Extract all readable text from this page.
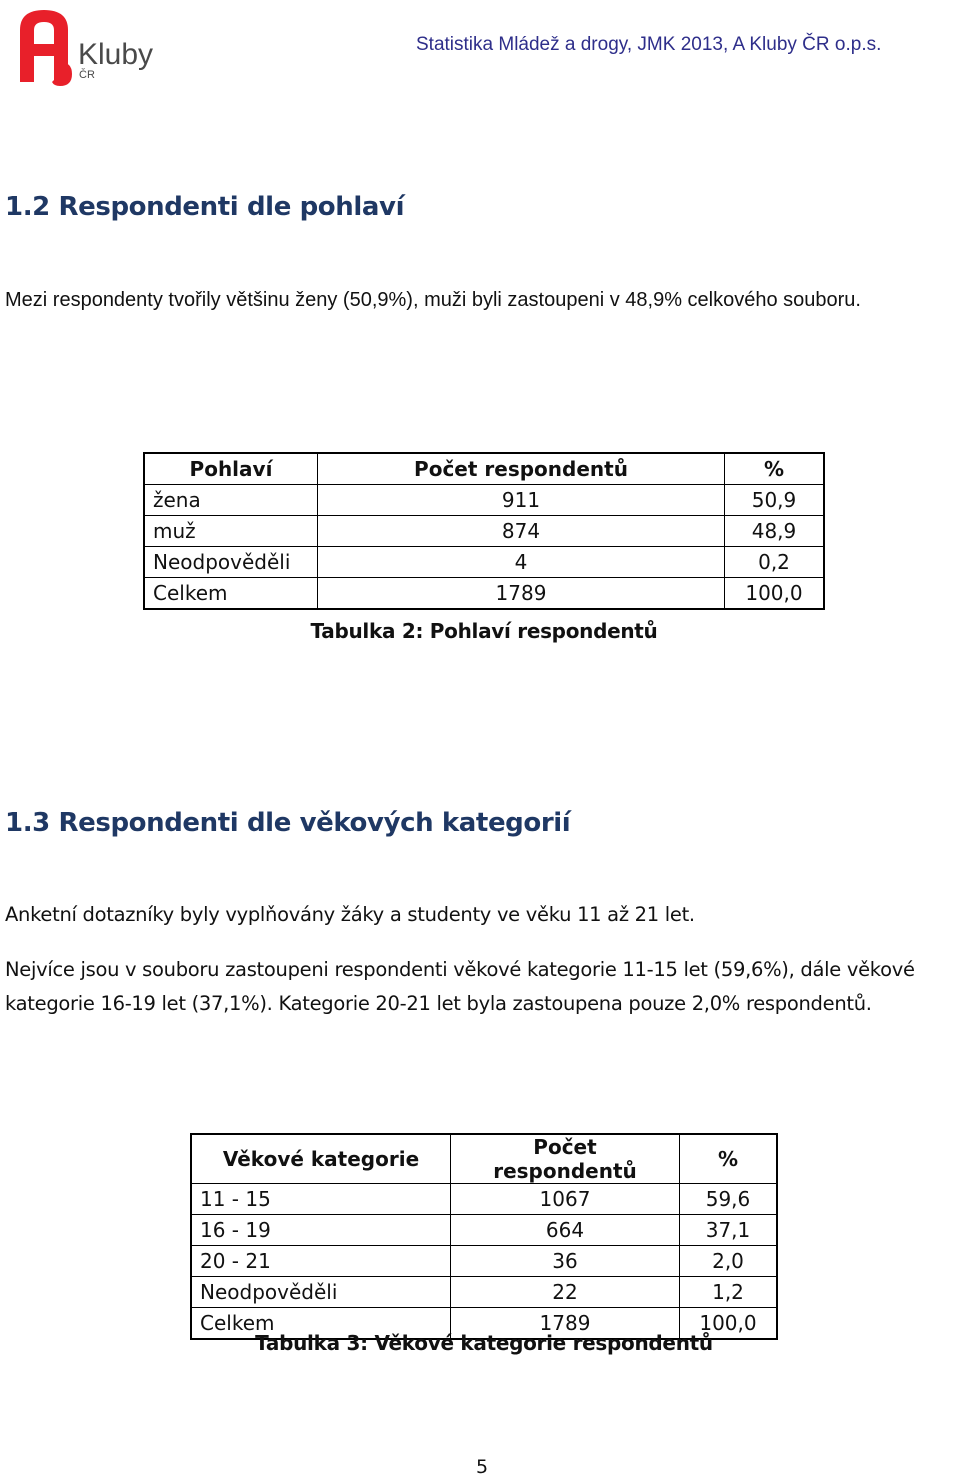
Kluby
ČR
Statistika Mládež a drogy, JMK 2013, A Kluby ČR o.p.s.
1.2 Respondenti dle pohlaví
Mezi respondenty tvořily většinu ženy (50,9%), muži byli zastoupeni v 48,9% celkového souboru.
Pohlaví	Počet respondentů	%
žena	911	50,9
muž	874	48,9
Neodpověděli	4	0,2
Celkem	1789	100,0
Tabulka 2: Pohlaví respondentů
1.3 Respondenti dle věkových kategorií
Anketní dotazníky byly vyplňovány žáky a studenty ve věku 11 až 21 let.
Nejvíce jsou v souboru zastoupeni respondenti věkové kategorie 11-15 let (59,6%), dále věkové
kategorie 16-19 let (37,1%). Kategorie 20-21 let byla zastoupena pouze 2,0% respondentů.
Věkové kategorie	Počet respondentů	%
11 - 15	1067	59,6
16 - 19	664	37,1
20 - 21	36	2,0
Neodpověděli	22	1,2
Celkem	1789	100,0
Tabulka 3: Věkové kategorie respondentů
5
